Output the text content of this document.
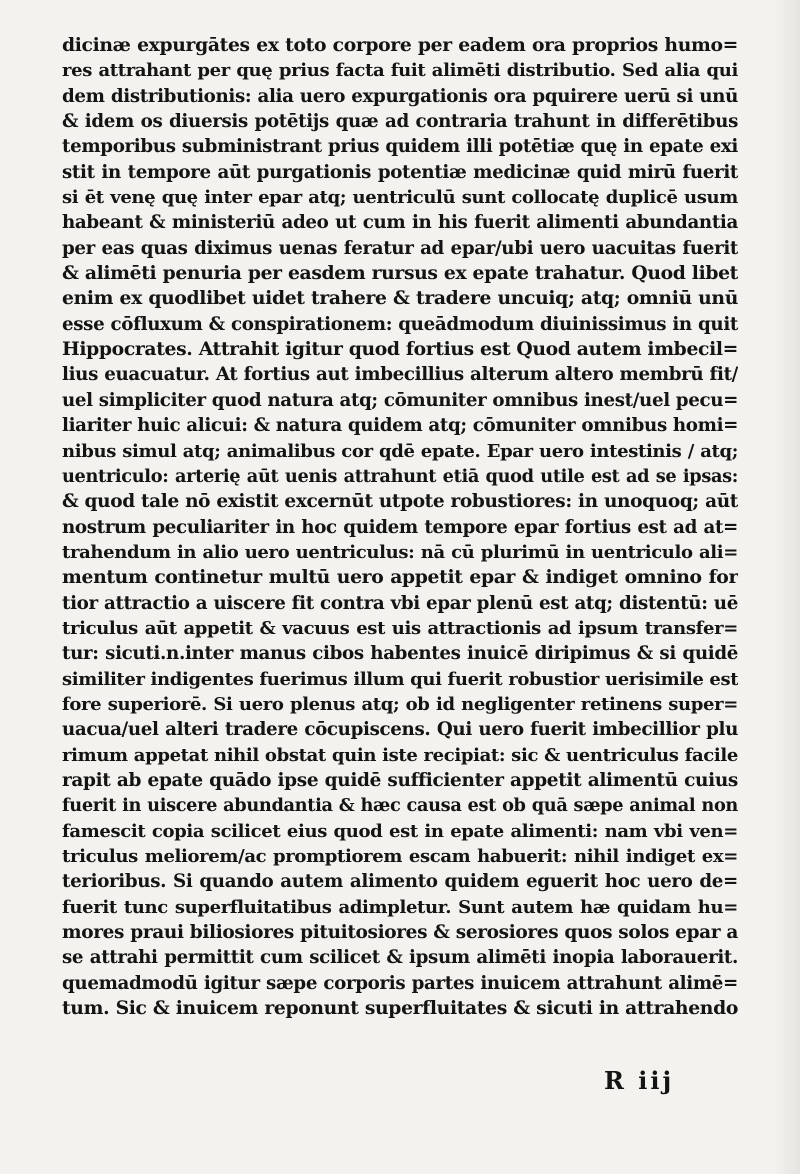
dicinæ expurgātes ex toto corpore per eadem ora proprios humo=
res attrahant per quę prius facta fuit alimēti distributio. Sed alia qui
dem distributionis: alia uero expurgationis ora pquirere uerū si unū
& idem os diuersis potētijs quæ ad contraria trahunt in differētibus
temporibus subministrant prius quidem illi potētiæ quę in epate exi
stit in tempore aūt purgationis potentiæ medicinæ quid mirū fuerit
si ēt venę quę inter epar atq; uentriculū sunt collocatę duplicē usum
habeant & ministeriū adeo ut cum in his fuerit alimenti abundantia
per eas quas diximus uenas feratur ad epar/ubi uero uacuitas fuerit
& alimēti penuria per easdem rursus ex epate trahatur. Quod libet
enim ex quodlibet uidet trahere & tradere uncuiq; atq; omniū unū
esse cōfluxum & conspirationem: queādmodum diuinissimus in quit
Hippocrates. Attrahit igitur quod fortius est Quod autem imbecil=
lius euacuatur. At fortius aut imbecillius alterum altero membrū fit/
uel simpliciter quod natura atq; cōmuniter omnibus inest/uel pecu=
liariter huic alicui: & natura quidem atq; cōmuniter omnibus homi=
nibus simul atq; animalibus cor qdē epate. Epar uero intestinis / atq;
uentriculo: arterię aūt uenis attrahunt etiā quod utile est ad se ipsas:
& quod tale nō existit excernūt utpote robustiores: in unoquoq; aūt
nostrum peculiariter in hoc quidem tempore epar fortius est ad at=
trahendum in alio uero uentriculus: nā cū plurimū in uentriculo ali=
mentum continetur multū uero appetit epar & indiget omnino for
tior attractio a uiscere fit contra vbi epar plenū est atq; distentū: uē
triculus aūt appetit & vacuus est uis attractionis ad ipsum transfer=
tur: sicuti.n.inter manus cibos habentes inuicē diripimus & si quidē
similiter indigentes fuerimus illum qui fuerit robustior uerisimile est
fore superiorē. Si uero plenus atq; ob id negligenter retinens super=
uacua/uel alteri tradere cōcupiscens. Qui uero fuerit imbecillior plu
rimum appetat nihil obstat quin iste recipiat: sic & uentriculus facile
rapit ab epate quādo ipse quidē sufficienter appetit alimentū cuius
fuerit in uiscere abundantia & hæc causa est ob quā sæpe animal non
famescit copia scilicet eius quod est in epate alimenti: nam vbi ven=
triculus meliorem/ac promptiorem escam habuerit: nihil indiget ex=
terioribus. Si quando autem alimento quidem eguerit hoc uero de=
fuerit tunc superfluitatibus adimpletur. Sunt autem hæ quidam hu=
mores praui biliosiores pituitosiores & serosiores quos solos epar a
se attrahi permittit cum scilicet & ipsum alimēti inopia laborauerit.
quemadmodū igitur sæpe corporis partes inuicem attrahunt alimē=
tum. Sic & inuicem reponunt superfluitates & sicuti in attrahendo
R iij
